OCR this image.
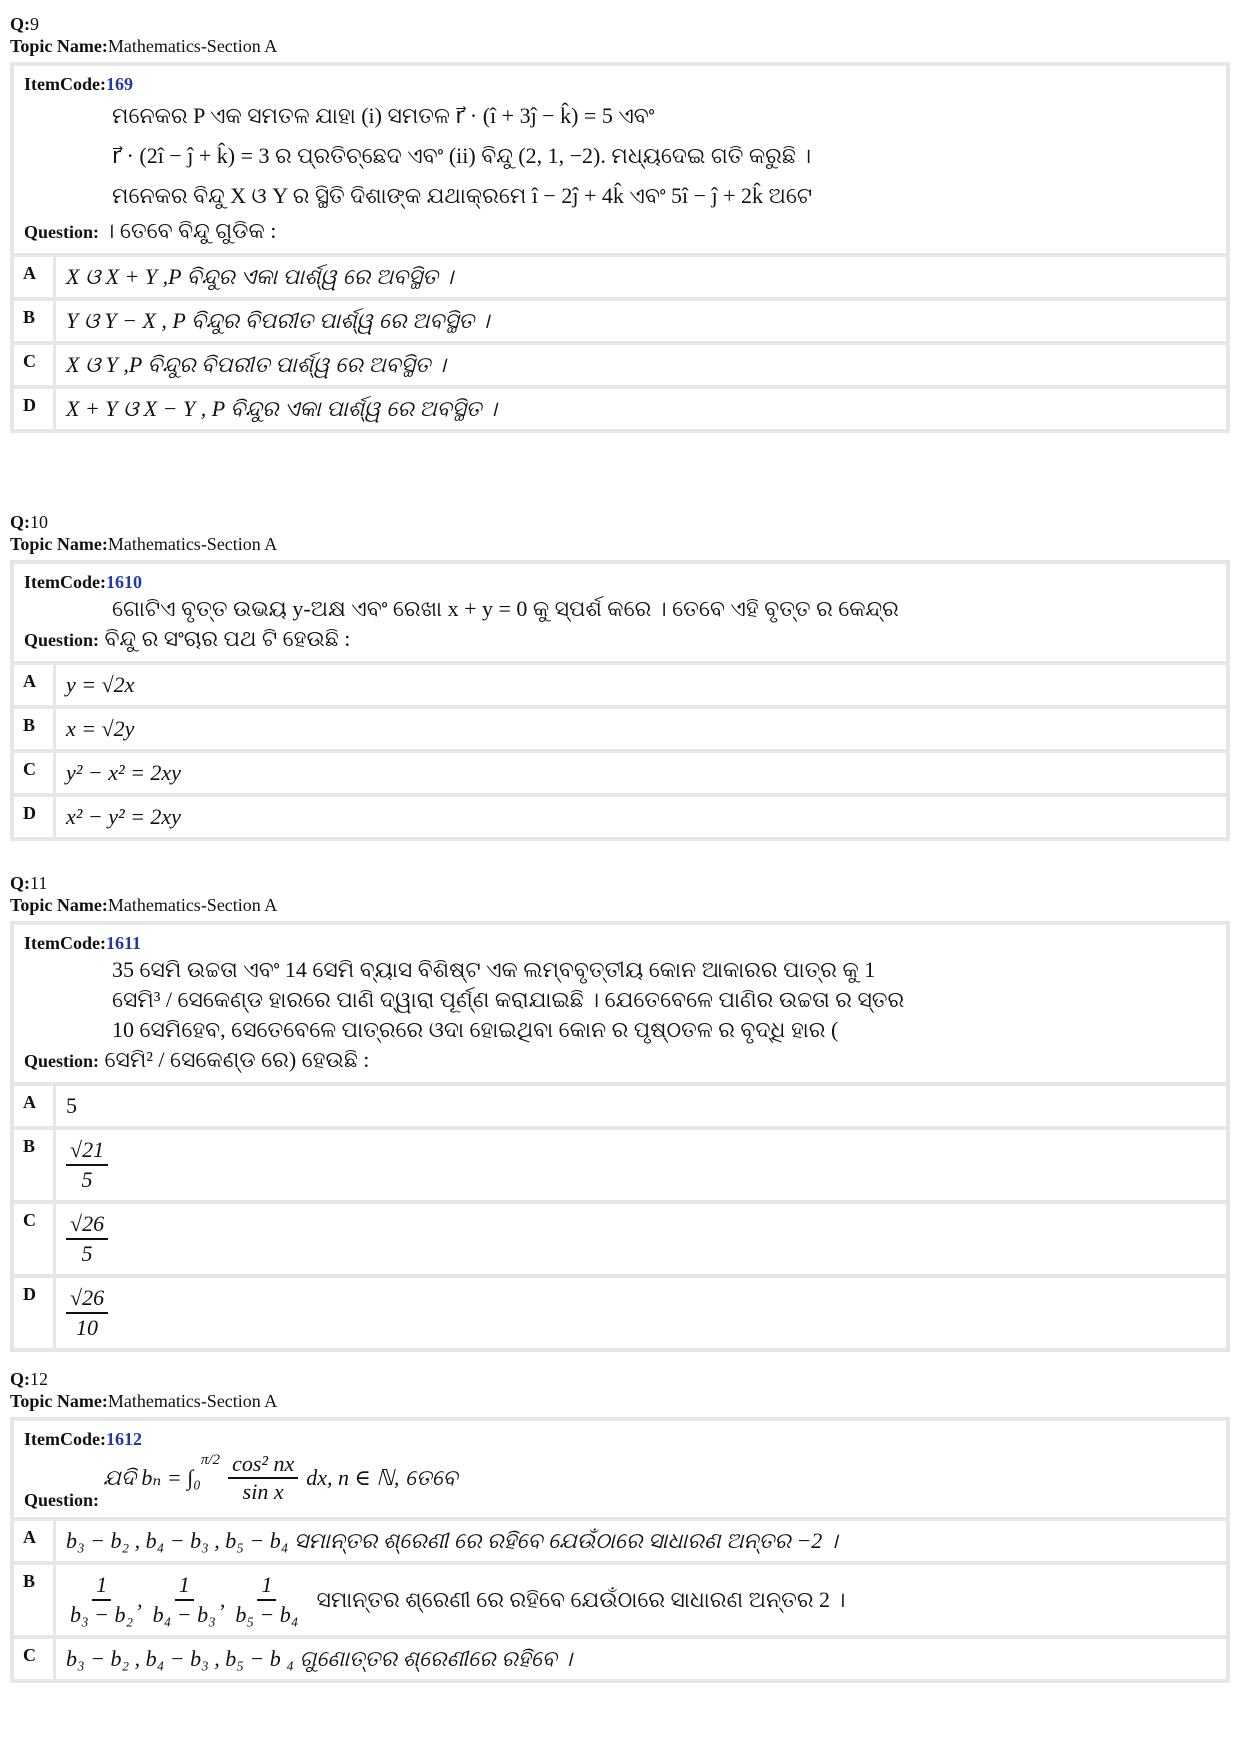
Q:9
Topic Name:Mathematics-Section A
ItemCode:169
ମନେକର P ଏକ ସମତଳ ଯାହା (i) ସମତଳ r⃗ · (î + 3ĵ − k̂) = 5 ଏବଂ
r⃗ · (2î − ĵ + k̂) = 3 ର ପ୍ରତିଚ୍ଛେଦ ଏବଂ (ii) ବିନ୍ଦୁ (2, 1, −2). ମଧ୍ୟଦେଇ ଗତି କରୁଛି ।
ମନେକର ବିନ୍ଦୁ X ଓ Y ର ସ୍ଥିତି ଦିଶାଙ୍କ ଯଥାକ୍ରମେ î − 2ĵ + 4k̂ ଏବଂ 5î − ĵ + 2k̂ ଅଟେ
Question: । ତେବେ ବିନ୍ଦୁ ଗୁଡିକ :
A	X ଓ X + Y ,P ବିନ୍ଦୁର ଏକା ପାର୍ଶ୍ୱ ରେ ଅବସ୍ଥିତ ।
B	Y ଓ Y − X , P ବିନ୍ଦୁର ବିପରୀତ ପାର୍ଶ୍ୱ ରେ ଅବସ୍ଥିତ ।
C	X ଓ Y ,P ବିନ୍ଦୁର ବିପରୀତ ପାର୍ଶ୍ୱ ରେ ଅବସ୍ଥିତ ।
D	X + Y ଓ X − Y , P ବିନ୍ଦୁର ଏକା ପାର୍ଶ୍ୱ ରେ ଅବସ୍ଥିତ ।
Q:10
Topic Name:Mathematics-Section A
ItemCode:1610
ଗୋଟିଏ ବୃତ୍ତ ଉଭୟ y-ଅକ୍ଷ ଏବଂ ରେଖା x + y = 0 କୁ ସ୍ପର୍ଶ କରେ । ତେବେ ଏହି ବୃତ୍ତ ର କେନ୍ଦ୍ର
Question: ବିନ୍ଦୁ ର ସଂଚାର ପଥ ଟି ହେଉଛି :
A	y = √2x
B	x = √2y
C	y² − x² = 2xy
D	x² − y² = 2xy
Q:11
Topic Name:Mathematics-Section A
ItemCode:1611
35 ସେମି ଉଚ୍ଚତା ଏବଂ 14 ସେମି ବ୍ୟାସ ବିଶିଷ୍ଟ ଏକ ଲମ୍ବବୃତ୍ତୀୟ କୋନ ଆକାରର ପାତ୍ର କୁ 1
ସେମି³ / ସେକେଣ୍ଡ ହାରରେ ପାଣି ଦ୍ୱାରା ପୂର୍ଣ୍ଣ କରାଯାଇଛି । ଯେତେବେଳେ ପାଣିର ଉଚ୍ଚତା ର ସ୍ତର
10 ସେମିହେବ, ସେତେବେଳେ ପାତ୍ରରେ ଓଦା ହୋଇଥିବା କୋନ ର ପୃଷ୍ଠତଳ ର ବୃଦ୍ଧି ହାର (
Question: ସେମି² / ସେକେଣ୍ଡ ରେ) ହେଉଛି :
A	5
B	$\frac{√21}{5}$
C	$\frac{√26}{5}$
D	$\frac{√26}{10}$
Q:12
Topic Name:Mathematics-Section A
ItemCode:1612
Question:
ଯଦି bₙ = ∫₀
$^{\pi/2} \frac{\text{cos² nx}}{\text{sin x}}$ dx, n ∈ ℕ, ତେବେ
A	b₃ − b₂ , b₄ − b₃ , b₅ − b₄ ସମାନ୍ତର ଶ୍ରେଣୀ ରେ ରହିବେ ଯେଉଁଠାରେ ସାଧାରଣ ଅନ୍ତର −2 ।
B	$\frac{1}{\text{b₃ − b₂}}$ , $\frac{1}{\text{b₄ − b₃}}$ , $\frac{1}{\text{b₅ − b₄}}$ ସମାନ୍ତର ଶ୍ରେଣୀ ରେ ରହିବେ ଯେଉଁଠାରେ ସାଧାରଣ ଅନ୍ତର 2 ।
C	b₃ − b₂ , b₄ − b₃ , b₅ − b ₄ ଗୁଣୋତ୍ତର ଶ୍ରେଣୀରେ ରହିବେ ।
